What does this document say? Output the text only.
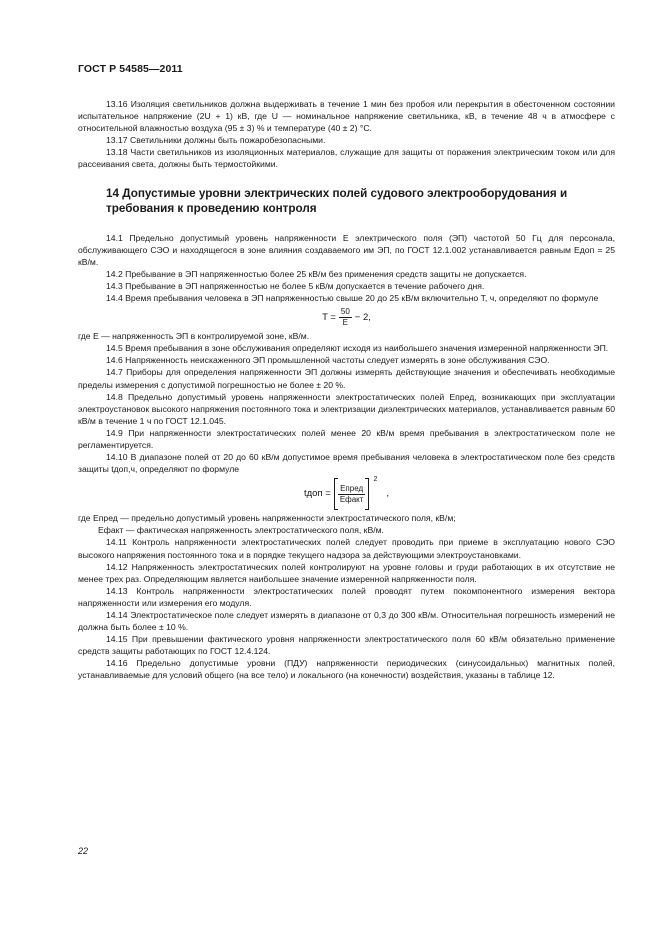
ГОСТ Р 54585—2011

13.16 Изоляция светильников должна выдерживать в течение 1 мин без пробоя или перекрытия в обесточенном состоянии испытательное напряжение (2U + 1) кВ, где U — номинальное напряжение светильника, кВ, в течение 48 ч в атмосфере с относительной влажностью воздуха (95 ± 3) % и температуре (40 ± 2) °С.

13.17 Светильники должны быть пожаробезопасными.

13.18 Части светильников из изоляционных материалов, служащие для защиты от поражения электрическим током или для рассеивания света, должны быть термостойкими.

14 Допустимые уровни электрических полей судового электрооборудования и требования к проведению контроля

14.1 Предельно допустимый уровень напряженности E электрического поля (ЭП) частотой 50 Гц для персонала, обслуживающего СЭО и находящегося в зоне влияния создаваемого им ЭП, по ГОСТ 12.1.002 устанавливается равным Eдоп = 25 кВ/м.

14.2 Пребывание в ЭП напряженностью более 25 кВ/м без применения средств защиты не допускается.

14.3 Пребывание в ЭП напряженностью не более 5 кВ/м допускается в течение рабочего дня.

14.4 Время пребывания человека в ЭП напряженностью свыше 20 до 25 кВ/м включительно T, ч, определяют по формуле

$T = \frac{50}{E} - 2$,

где E — напряженность ЭП в контролируемой зоне, кВ/м.

14.5 Время пребывания в зоне обслуживания определяют исходя из наибольшего значения измеренной напряженности ЭП.

14.6 Напряженность неискаженного ЭП промышленной частоты следует измерять в зоне обслуживания СЭО.

14.7 Приборы для определения напряженности ЭП должны измерять действующие значения и обеспечивать необходимые пределы измерения с допустимой погрешностью не более ± 20 %.

14.8 Предельно допустимый уровень напряженности электростатических полей Eпред, возникающих при эксплуатации электроустановок высокого напряжения постоянного тока и электризации диэлектрических материалов, устанавливается равным 60 кВ/м в течение 1 ч по ГОСТ 12.1.045.

14.9 При напряженности электростатических полей менее 20 кВ/м время пребывания в электростатическом поле не регламентируется.

14.10 В диапазоне полей от 20 до 60 кВ/м допустимое время пребывания человека в электростатическом поле без средств защиты tдоп,ч, определяют по формуле

tдоп = $\frac{\text{Eпред}}{\text{Eфакт}}$
2
,

где Eпред — предельно допустимый уровень напряженности электростатического поля, кВ/м;

Eфакт — фактическая напряженность электростатического поля, кВ/м.

14.11 Контроль напряженности электростатических полей следует проводить при приеме в эксплуатацию нового СЭО высокого напряжения постоянного тока и в порядке текущего надзора за действующими электроустановками.

14.12 Напряженность электростатических полей контролируют на уровне головы и груди работающих в их отсутствие не менее трех раз. Определяющим является наибольшее значение измеренной напряженности поля.

14.13 Контроль напряженности электростатических полей проводят путем покомпонентного измерения вектора напряженности или измерения его модуля.

14.14 Электростатическое поле следует измерять в диапазоне от 0,3 до 300 кВ/м. Относительная погрешность измерений не должна быть более ± 10 %.

14.15 При превышении фактического уровня напряженности электростатического поля 60 кВ/м обязательно применение средств защиты работающих по ГОСТ 12.4.124.

14.16 Предельно допустимые уровни (ПДУ) напряженности периодических (синусоидальных) магнитных полей, устанавливаемые для условий общего (на все тело) и локального (на конечности) воздействия, указаны в таблице 12.

22
